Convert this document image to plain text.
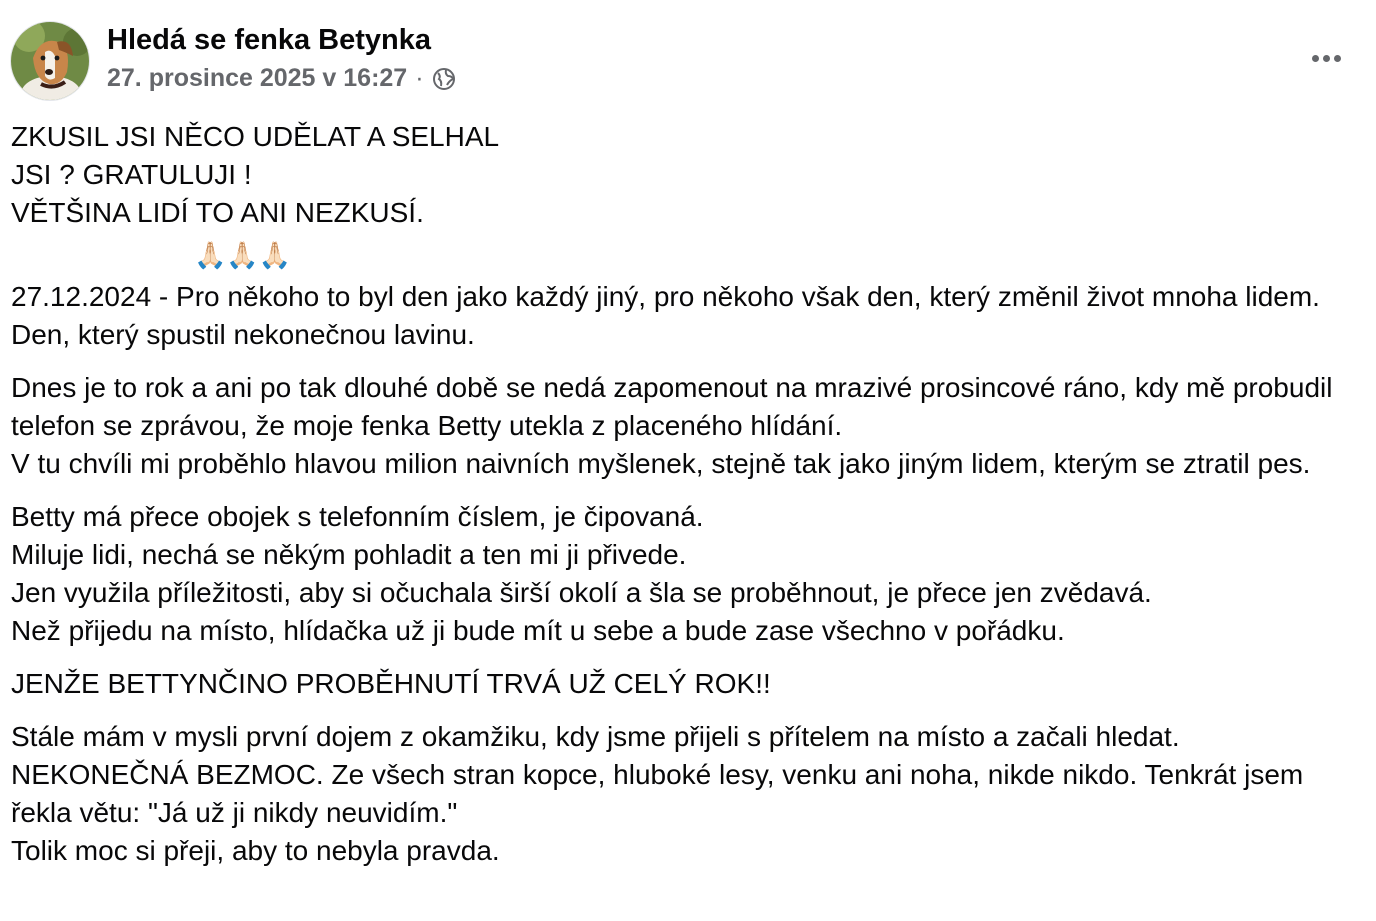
Hledá se fenka Betynka
27. prosince 2025 v 16:27 ·

ZKUSIL JSI NĚCO UDĚLAT A SELHAL

JSI ? GRATULUJI !

VĚTŠINA LIDÍ TO ANI NEZKUSÍ.

🙏🏻🙏🏻🙏🏻

27.12.2024 - Pro někoho to byl den jako každý jiný, pro někoho však den, který změnil život mnoha lidem. Den, který spustil nekonečnou lavinu.

Dnes je to rok a ani po tak dlouhé době se nedá zapomenout na mrazivé prosincové ráno, kdy mě probudil telefon se zprávou, že moje fenka Betty utekla z placeného hlídání.

V tu chvíli mi proběhlo hlavou milion naivních myšlenek, stejně tak jako jiným lidem, kterým se ztratil pes.

Betty má přece obojek s telefonním číslem, je čipovaná.

Miluje lidi, nechá se někým pohladit a ten mi ji přivede.

Jen využila příležitosti, aby si očuchala širší okolí a šla se proběhnout, je přece jen zvědavá.

Než přijedu na místo, hlídačka už ji bude mít u sebe a bude zase všechno v pořádku.

JENŽE BETTYNČINO PROBĚHNUTÍ TRVÁ UŽ CELÝ ROK!!

Stále mám v mysli první dojem z okamžiku, kdy jsme přijeli s přítelem na místo a začali hledat.

NEKONEČNÁ BEZMOC. Ze všech stran kopce, hluboké lesy, venku ani noha, nikde nikdo. Tenkrát jsem řekla větu: "Já už ji nikdy neuvidím."

Tolik moc si přeji, aby to nebyla pravda.
